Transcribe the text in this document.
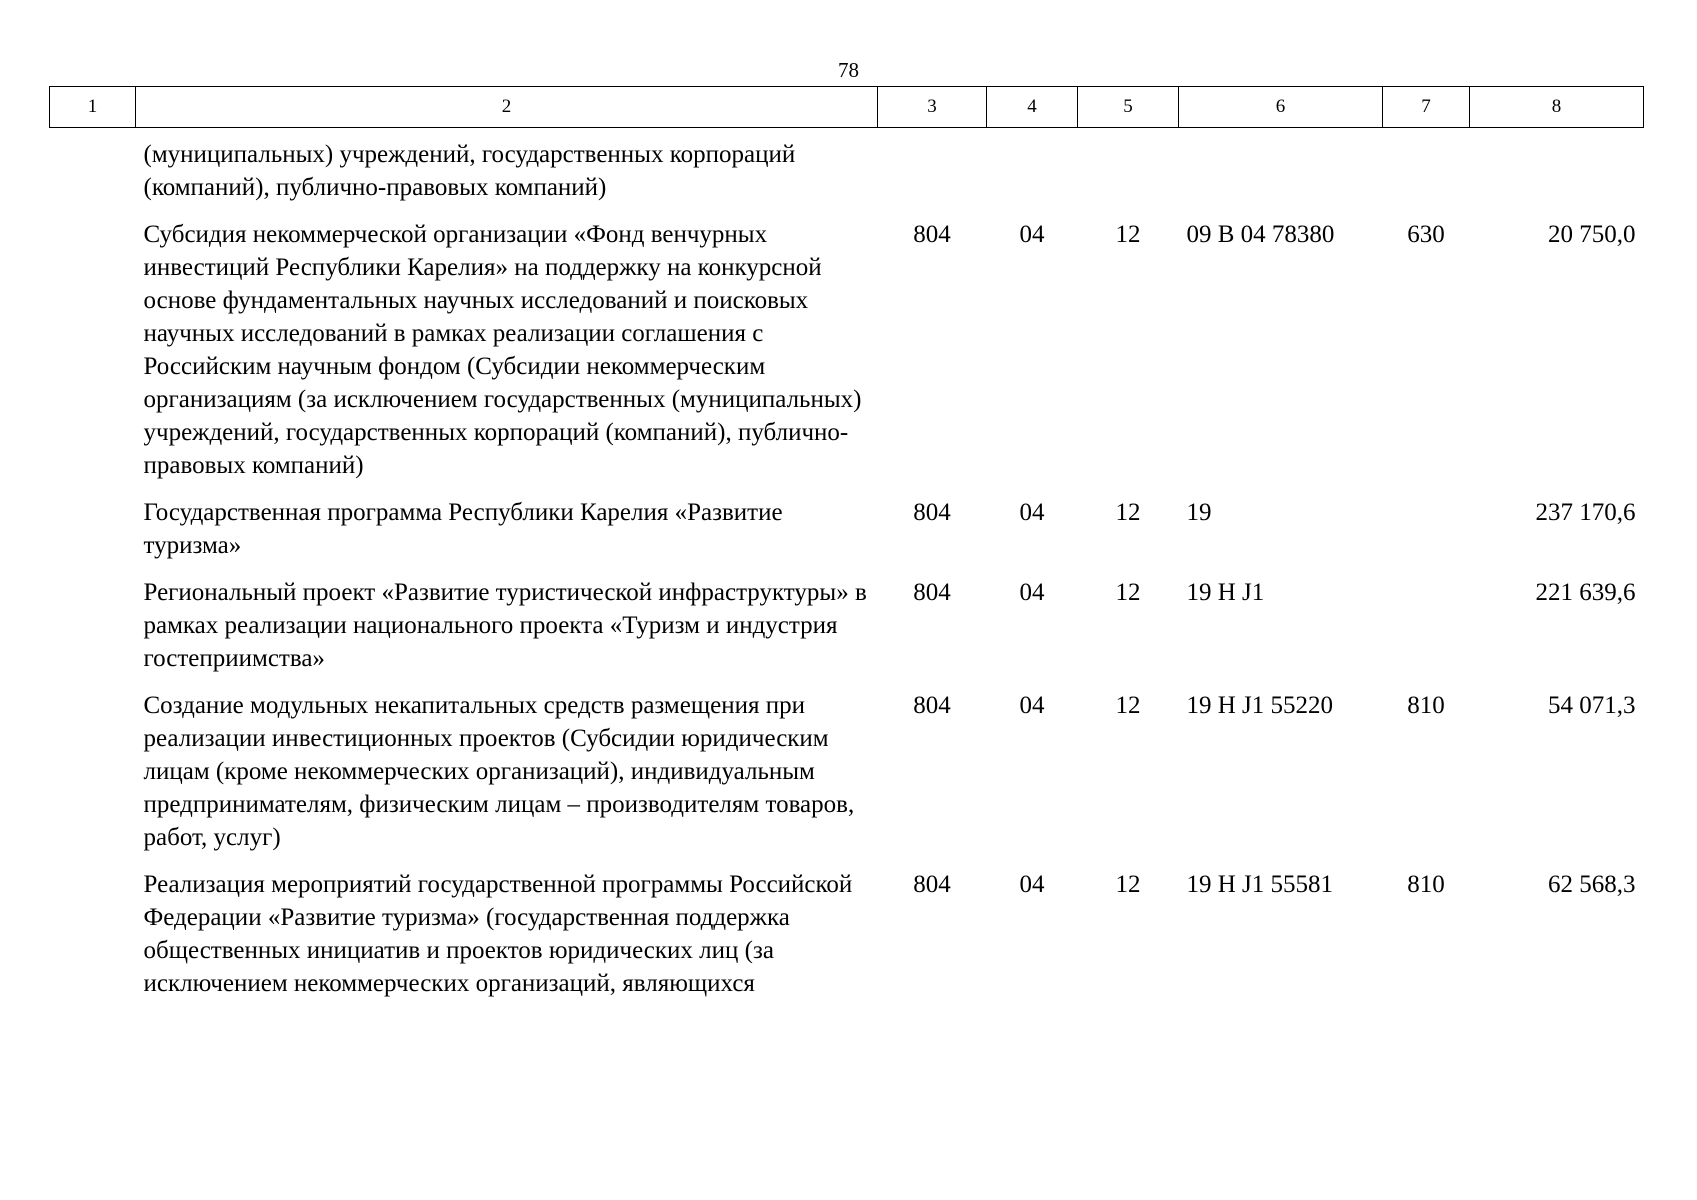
78
1	2	3	4	5	6	7	8
	(муниципальных) учреждений, государственных корпораций (компаний), публично-правовых компаний)						
	Субсидия некоммерческой организации «Фонд венчурных инвестиций Республики Карелия» на поддержку на конкурсной основе фундаментальных научных исследований и поисковых научных исследований в рамках реализации соглашения с Российским научным фондом (Субсидии некоммерческим организациям (за исключением государственных (муниципальных) учреждений, государственных корпораций (компаний), публично-правовых компаний)	804	04	12	09 В 04 78380	630	20 750,0
	Государственная программа Республики Карелия «Развитие туризма»	804	04	12	19		237 170,6
	Региональный проект «Развитие туристической инфраструктуры» в рамках реализации национального проекта «Туризм и индустрия гостеприимства»	804	04	12	19 Н J1		221 639,6
	Создание модульных некапитальных средств размещения при реализации инвестиционных проектов (Субсидии юридическим лицам (кроме некоммерческих организаций), индивидуальным предпринимателям, физическим лицам – производителям товаров, работ, услуг)	804	04	12	19 Н J1 55220	810	54 071,3
	Реализация мероприятий государственной программы Российской Федерации «Развитие туризма» (государственная поддержка общественных инициатив и проектов юридических лиц (за исключением некоммерческих организаций, являющихся	804	04	12	19 Н J1 55581	810	62 568,3
